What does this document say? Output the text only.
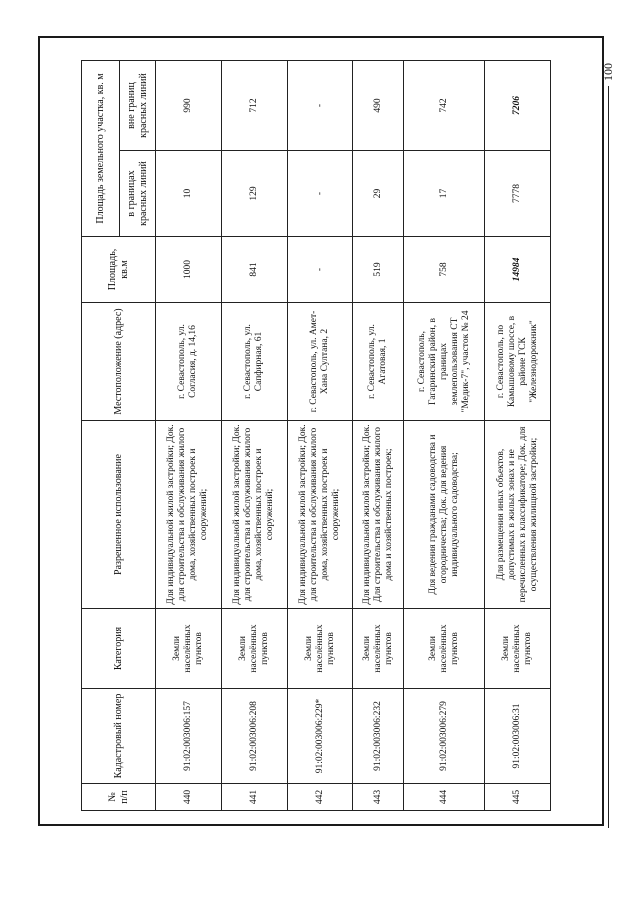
100
№ п/п	Кадастровый номер	Категория	Разрешенное использование	Местоположение (адрес)	Площадь, кв.м	Площадь земельного участка, кв. м	
						в границах красных линий	вне границ красных линий
440	91:02:003006:157	Земли населённых пунктов	Для индивидуальной жилой застройки; Док. для строительства и обслуживания жилого дома, хозяйственных построек и сооружений;	г. Севастополь, ул. Согласия, д. 14,16	1000	10	990
441	91:02:003006:208	Земли населённых пунктов	Для индивидуальной жилой застройки; Док. для строительства и обслуживания жилого дома, хозяйственных построек и сооружений;	г. Севастополь, ул. Сапфирная, 61	841	129	712
442	91:02:003006:229*	Земли населённых пунктов	Для индивидуальной жилой застройки; Док. для строительства и обслуживания жилого дома, хозяйственных построек и сооружений;	г. Севастополь, ул. Амет-Хана Султана, 2	-	-	-
443	91:02:003006:232	Земли населённых пунктов	Для индивидуальной жилой застройки; Док. Для строительства и обслуживания жилого дома и хозяйственных построек;	г. Севастополь, ул. Агатовая, 1	519	29	490
444	91:02:003006:279	Земли населённых пунктов	Для ведения гражданами садоводства и огородничества; Док. для ведения индивидуального садоводства;	г. Севастополь, Гагаринский район, в границах землепользования СТ "Медик-7", участок № 24	758	17	742
445	91:02:003006:31	Земли населённых пунктов	Для размещения иных объектов, допустимых в жилых зонах и не перечисленных в классификаторе; Док. для осуществления жилищной застройки;	г. Севастополь, по Камышовому шоссе, в районе ГСК "Железнодорожник"	14984	7778	7206
